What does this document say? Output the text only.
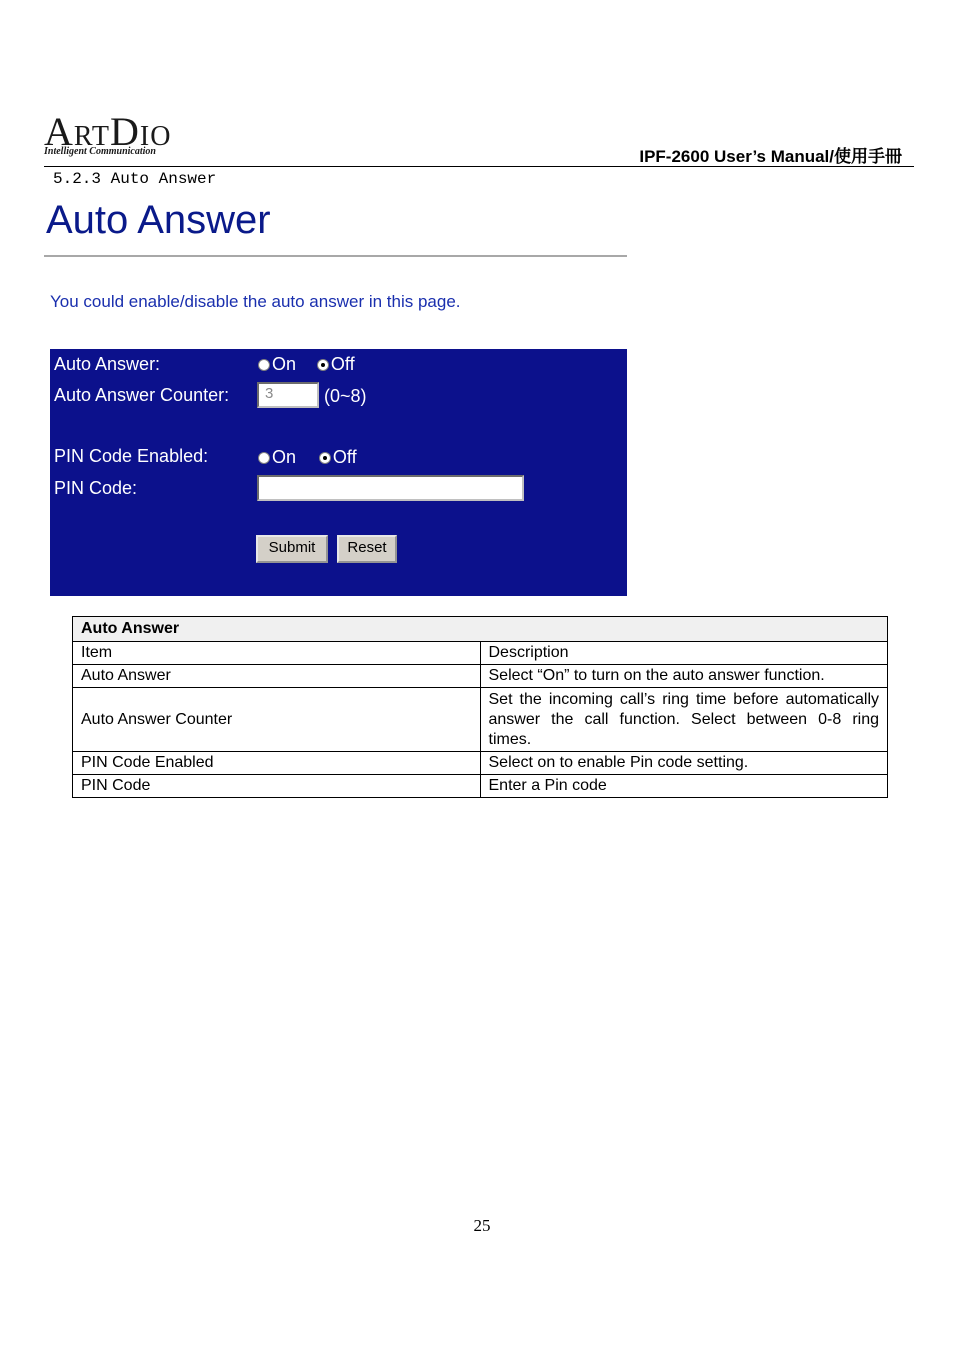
ARTDIO
Intelligent Communication	IPF-2600 User’s Manual/使用手冊
5.2.3 Auto Answer
Auto Answer
You could enable/disable the auto answer in this page.
Auto Answer:	On Off
Auto Answer Counter:	3	(0~8)
PIN Code Enabled:	On Off
PIN Code:
Submit	Reset
Auto Answer	
Item	Description
Auto Answer	Select “On” to turn on the auto answer function.
Auto Answer Counter	Set the incoming call’s ring time before automatically answer the call function. Select between 0-8 ring times.
PIN Code Enabled	Select on to enable Pin code setting.
PIN Code	Enter a Pin code
25
